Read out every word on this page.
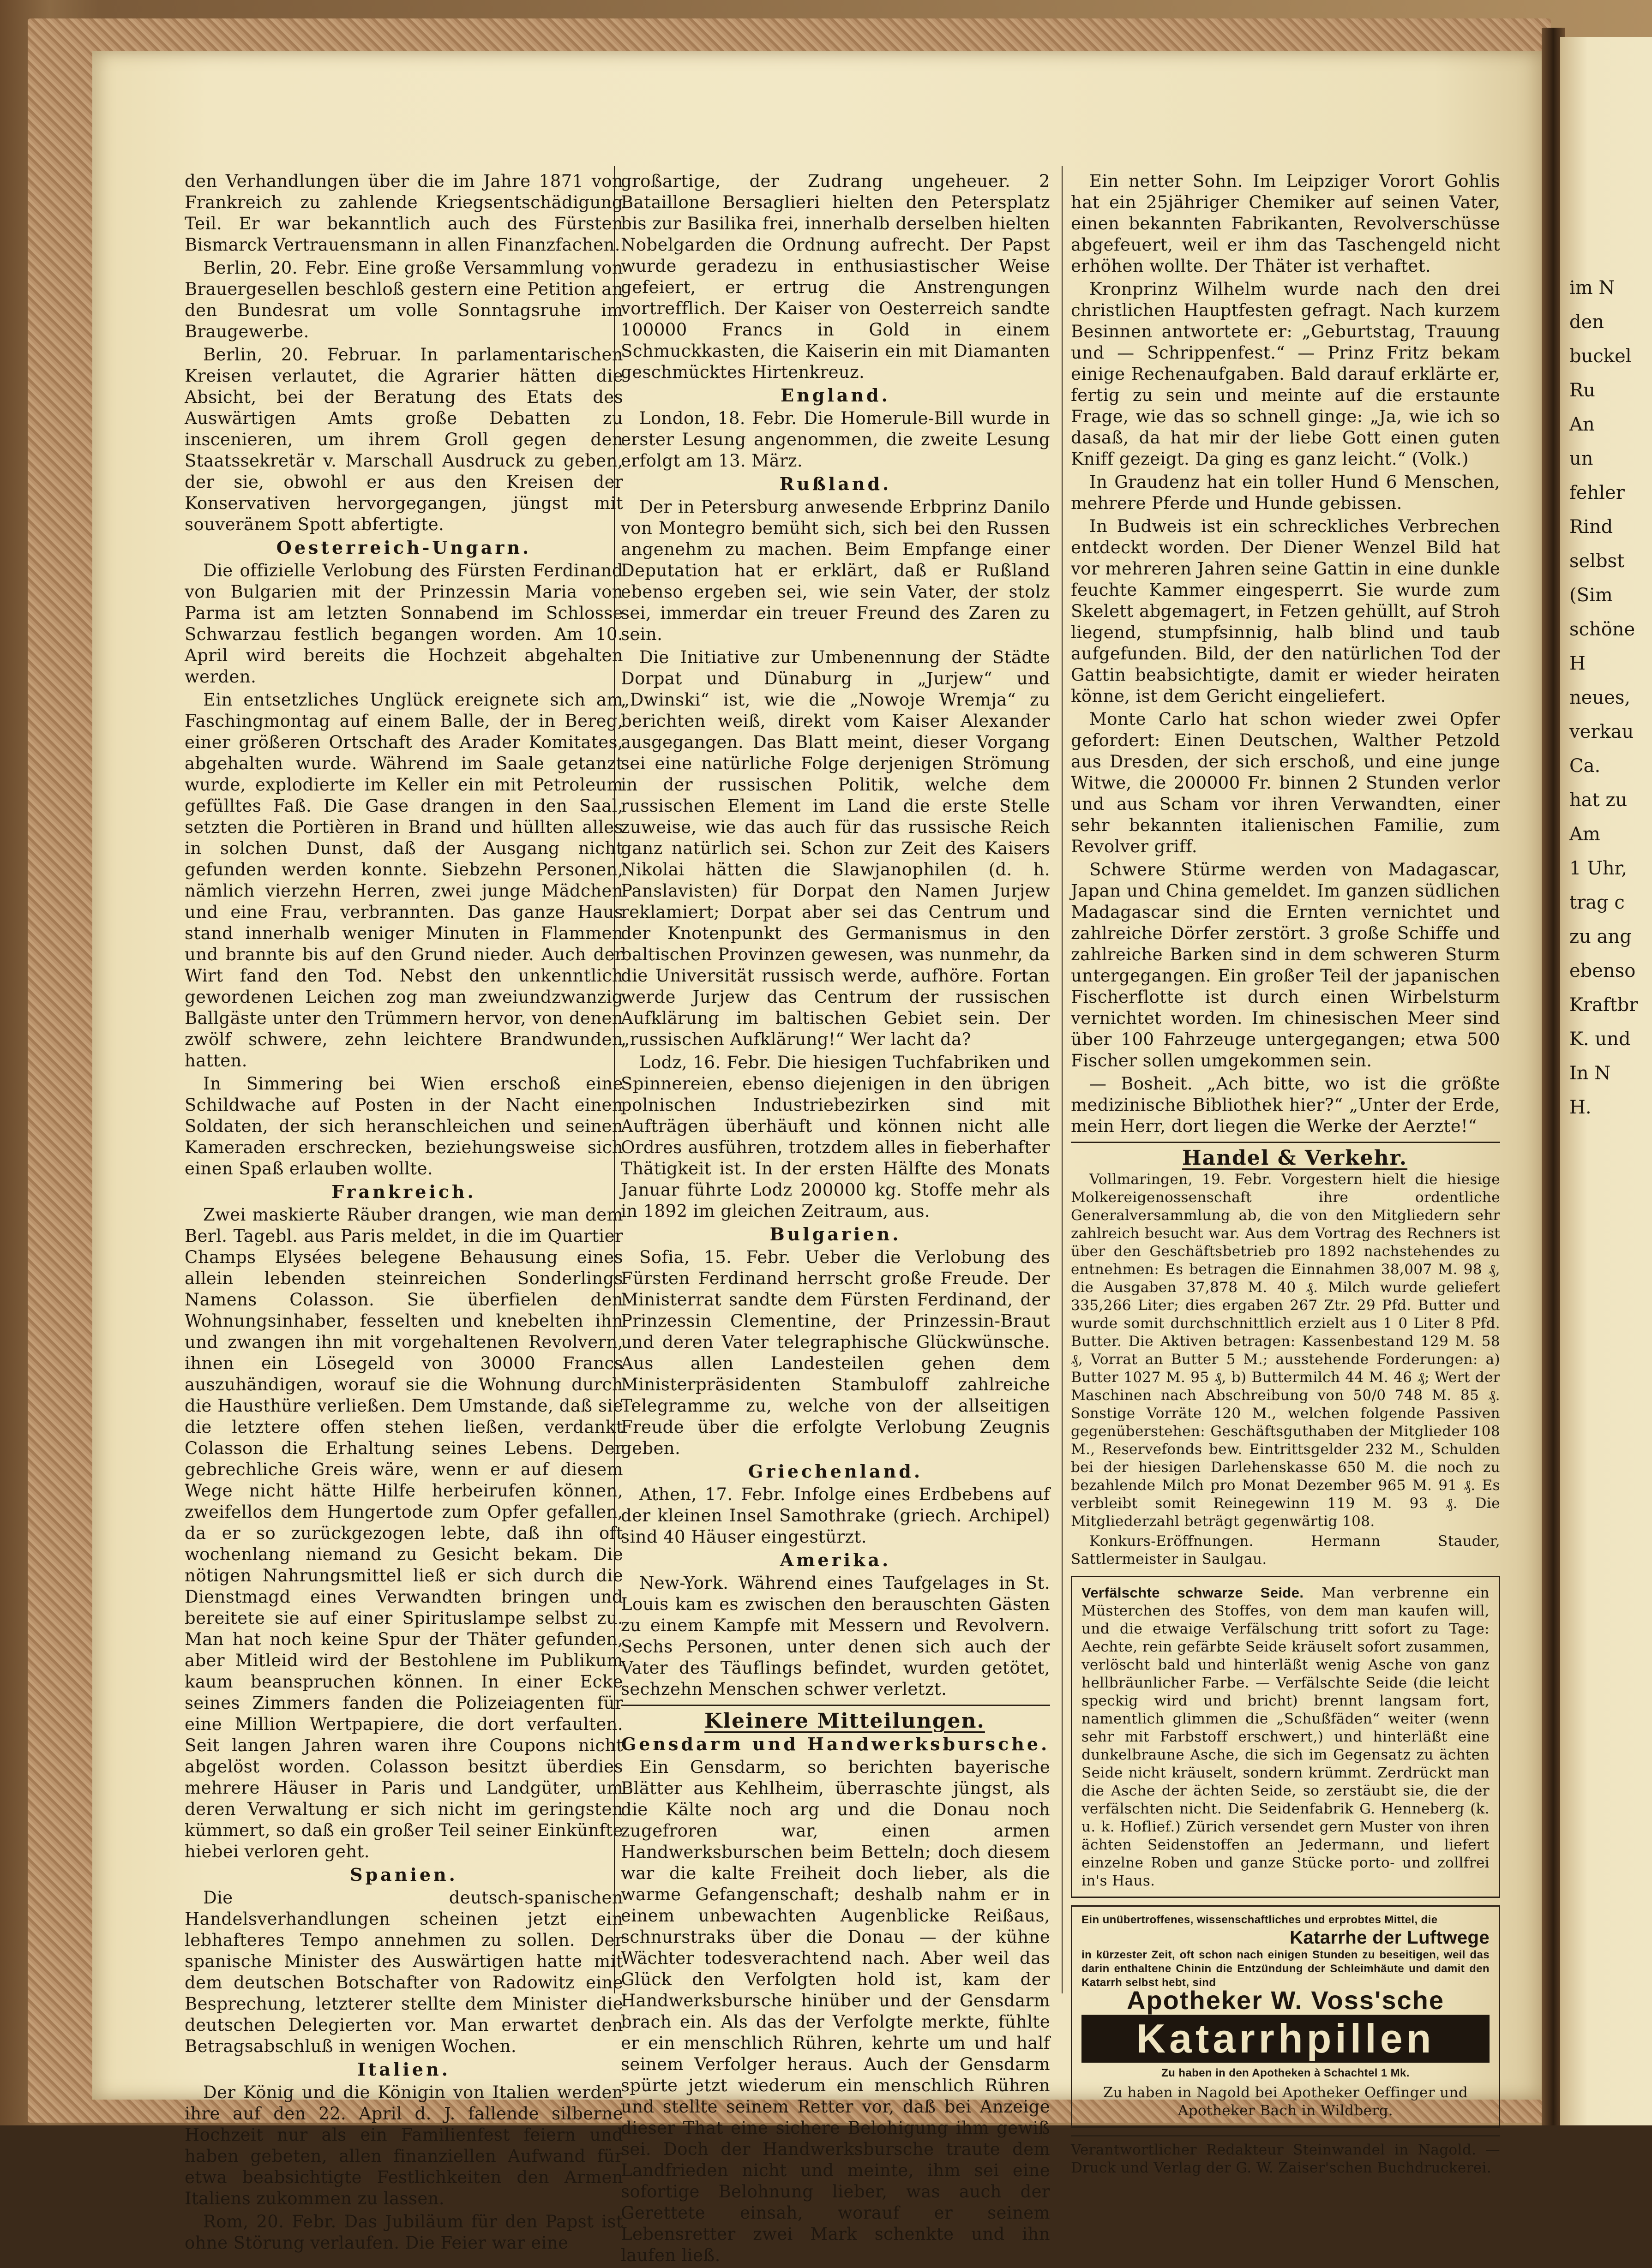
im N
den
buckel
Ru
An
un
fehler
Rind
selbst
(Sim
schöne
H
neues,
verkau
Ca.
hat zu
Am
1 Uhr,
trag c
zu ang
ebenso
Kraftbr
K. und
In N
H.

den Verhandlungen über die im Jahre 1871 von Frankreich zu zahlende Kriegsentschädigung Teil. Er war bekanntlich auch des Fürsten Bismarck Vertrauensmann in allen Finanzfachen.

Berlin, 20. Febr. Eine große Versammlung von Brauergesellen beschloß gestern eine Petition an den Bundesrat um volle Sonntagsruhe im Braugewerbe.

Berlin, 20. Februar. In parlamentarischen Kreisen verlautet, die Agrarier hätten die Absicht, bei der Beratung des Etats des Auswärtigen Amts große Debatten zu inscenieren, um ihrem Groll gegen den Staatssekretär v. Marschall Ausdruck zu geben, der sie, obwohl er aus den Kreisen der Konservativen hervorgegangen, jüngst mit souveränem Spott abfertigte.

Oesterreich-Ungarn.

Die offizielle Verlobung des Fürsten Ferdinand von Bulgarien mit der Prinzessin Maria von Parma ist am letzten Sonnabend im Schlosse Schwarzau festlich begangen worden. Am 10. April wird bereits die Hochzeit abgehalten werden.

Ein entsetzliches Unglück ereignete sich am Faschingmontag auf einem Balle, der in Bereg, einer größeren Ortschaft des Arader Komitates, abgehalten wurde. Während im Saale getanzt wurde, explodierte im Keller ein mit Petroleum gefülltes Faß. Die Gase drangen in den Saal, setzten die Portièren in Brand und hüllten alles in solchen Dunst, daß der Ausgang nicht gefunden werden konnte. Siebzehn Personen, nämlich vierzehn Herren, zwei junge Mädchen und eine Frau, verbrannten. Das ganze Haus stand innerhalb weniger Minuten in Flammen und brannte bis auf den Grund nieder. Auch der Wirt fand den Tod. Nebst den unkenntlich gewordenen Leichen zog man zweiundzwanzig Ballgäste unter den Trümmern hervor, von denen zwölf schwere, zehn leichtere Brandwunden hatten.

In Simmering bei Wien erschoß eine Schildwache auf Posten in der Nacht einen Soldaten, der sich heranschleichen und seinen Kameraden erschrecken, beziehungsweise sich einen Spaß erlauben wollte.

Frankreich.

Zwei maskierte Räuber drangen, wie man dem Berl. Tagebl. aus Paris meldet, in die im Quartier Champs Elysées belegene Behausung eines allein lebenden steinreichen Sonderlings Namens Colasson. Sie überfielen den Wohnungsinhaber, fesselten und knebelten ihn und zwangen ihn mit vorgehaltenen Revolvern, ihnen ein Lösegeld von 30000 Francs auszuhändigen, worauf sie die Wohnung durch die Hausthüre verließen. Dem Umstande, daß sie die letztere offen stehen ließen, verdankt Colasson die Erhaltung seines Lebens. Der gebrechliche Greis wäre, wenn er auf diesem Wege nicht hätte Hilfe herbeirufen können, zweifellos dem Hungertode zum Opfer gefallen, da er so zurückgezogen lebte, daß ihn oft wochenlang niemand zu Gesicht bekam. Die nötigen Nahrungsmittel ließ er sich durch die Dienstmagd eines Verwandten bringen und bereitete sie auf einer Spirituslampe selbst zu. Man hat noch keine Spur der Thäter gefunden, aber Mitleid wird der Bestohlene im Publikum kaum beanspruchen können. In einer Ecke seines Zimmers fanden die Polizeiagenten für eine Million Wertpapiere, die dort verfaulten. Seit langen Jahren waren ihre Coupons nicht abgelöst worden. Colasson besitzt überdies mehrere Häuser in Paris und Landgüter, um deren Verwaltung er sich nicht im geringsten kümmert, so daß ein großer Teil seiner Einkünfte hiebei verloren geht.

Spanien.

Die deutsch-spanischen Handelsverhandlungen scheinen jetzt ein lebhafteres Tempo annehmen zu sollen. Der spanische Minister des Auswärtigen hatte mit dem deutschen Botschafter von Radowitz eine Besprechung, letzterer stellte dem Minister die deutschen Delegierten vor. Man erwartet den Betragsabschluß in wenigen Wochen.

Italien.

Der König und die Königin von Italien werden ihre auf den 22. April d. J. fallende silberne Hochzeit nur als ein Familienfest feiern und haben gebeten, allen finanziellen Aufwand für etwa beabsichtigte Festlichkeiten den Armen Italiens zukommen zu lassen.

Rom, 20. Febr. Das Jubiläum für den Papst ist ohne Störung verlaufen. Die Feier war eine

großartige, der Zudrang ungeheuer. 2 Bataillone Bersaglieri hielten den Petersplatz bis zur Basilika frei, innerhalb derselben hielten Nobelgarden die Ordnung aufrecht. Der Papst wurde geradezu in enthusiastischer Weise gefeiert, er ertrug die Anstrengungen vortrefflich. Der Kaiser von Oesterreich sandte 100000 Francs in Gold in einem Schmuckkasten, die Kaiserin ein mit Diamanten geschmücktes Hirtenkreuz.

England.

London, 18. Febr. Die Homerule-Bill wurde in erster Lesung angenommen, die zweite Lesung erfolgt am 13. März.

Rußland.

Der in Petersburg anwesende Erbprinz Danilo von Montegro bemüht sich, sich bei den Russen angenehm zu machen. Beim Empfange einer Deputation hat er erklärt, daß er Rußland ebenso ergeben sei, wie sein Vater, der stolz sei, immerdar ein treuer Freund des Zaren zu sein.

Die Initiative zur Umbenennung der Städte Dorpat und Dünaburg in „Jurjew“ und „Dwinski“ ist, wie die „Nowoje Wremja“ zu berichten weiß, direkt vom Kaiser Alexander ausgegangen. Das Blatt meint, dieser Vorgang sei eine natürliche Folge derjenigen Strömung in der russischen Politik, welche dem russischen Element im Land die erste Stelle zuweise, wie das auch für das russische Reich ganz natürlich sei. Schon zur Zeit des Kaisers Nikolai hätten die Slawjanophilen (d. h. Panslavisten) für Dorpat den Namen Jurjew reklamiert; Dorpat aber sei das Centrum und der Knotenpunkt des Germanismus in den baltischen Provinzen gewesen, was nunmehr, da die Universität russisch werde, aufhöre. Fortan werde Jurjew das Centrum der russischen Aufklärung im baltischen Gebiet sein. Der „russischen Aufklärung!“ Wer lacht da?

Lodz, 16. Febr. Die hiesigen Tuchfabriken und Spinnereien, ebenso diejenigen in den übrigen polnischen Industriebezirken sind mit Aufträgen überhäuft und können nicht alle Ordres ausführen, trotzdem alles in fieberhafter Thätigkeit ist. In der ersten Hälfte des Monats Januar führte Lodz 200000 kg. Stoffe mehr als in 1892 im gleichen Zeitraum, aus.

Bulgarien.

Sofia, 15. Febr. Ueber die Verlobung des Fürsten Ferdinand herrscht große Freude. Der Ministerrat sandte dem Fürsten Ferdinand, der Prinzessin Clementine, der Prinzessin-Braut und deren Vater telegraphische Glückwünsche. Aus allen Landesteilen gehen dem Ministerpräsidenten Stambuloff zahlreiche Telegramme zu, welche von der allseitigen Freude über die erfolgte Verlobung Zeugnis geben.

Griechenland.

Athen, 17. Febr. Infolge eines Erdbebens auf der kleinen Insel Samothrake (griech. Archipel) sind 40 Häuser eingestürzt.

Amerika.

New-York. Während eines Taufgelages in St. Louis kam es zwischen den berauschten Gästen zu einem Kampfe mit Messern und Revolvern. Sechs Personen, unter denen sich auch der Vater des Täuflings befindet, wurden getötet, sechzehn Menschen schwer verletzt.

Kleinere Mitteilungen.

Gensdarm und Handwerksbursche.

Ein Gensdarm, so berichten bayerische Blätter aus Kehlheim, überraschte jüngst, als die Kälte noch arg und die Donau noch zugefroren war, einen armen Handwerksburschen beim Betteln; doch diesem war die kalte Freiheit doch lieber, als die warme Gefangenschaft; deshalb nahm er in einem unbewachten Augenblicke Reißaus, schnurstraks über die Donau — der kühne Wächter todesverachtend nach. Aber weil das Glück den Verfolgten hold ist, kam der Handwerksbursche hinüber und der Gensdarm brach ein. Als das der Verfolgte merkte, fühlte er ein menschlich Rühren, kehrte um und half seinem Verfolger heraus. Auch der Gensdarm spürte jetzt wiederum ein menschlich Rühren und stellte seinem Retter vor, daß bei Anzeige dieser That eine sichere Belohigung ihm gewiß sei. Doch der Handwerksbursche traute dem Landfrieden nicht und meinte, ihm sei eine sofortige Belohnung lieber, was auch der Gerettete einsah, worauf er seinem Lebensretter zwei Mark schenkte und ihn laufen ließ.

Ein netter Sohn. Im Leipziger Vorort Gohlis hat ein 25jähriger Chemiker auf seinen Vater, einen bekannten Fabrikanten, Revolverschüsse abgefeuert, weil er ihm das Taschengeld nicht erhöhen wollte. Der Thäter ist verhaftet.

Kronprinz Wilhelm wurde nach den drei christlichen Hauptfesten gefragt. Nach kurzem Besinnen antwortete er: „Geburtstag, Trauung und — Schrippenfest.“ — Prinz Fritz bekam einige Rechenaufgaben. Bald darauf erklärte er, fertig zu sein und meinte auf die erstaunte Frage, wie das so schnell ginge: „Ja, wie ich so dasaß, da hat mir der liebe Gott einen guten Kniff gezeigt. Da ging es ganz leicht.“ (Volk.)

In Graudenz hat ein toller Hund 6 Menschen, mehrere Pferde und Hunde gebissen.

In Budweis ist ein schreckliches Verbrechen entdeckt worden. Der Diener Wenzel Bild hat vor mehreren Jahren seine Gattin in eine dunkle feuchte Kammer eingesperrt. Sie wurde zum Skelett abgemagert, in Fetzen gehüllt, auf Stroh liegend, stumpfsinnig, halb blind und taub aufgefunden. Bild, der den natürlichen Tod der Gattin beabsichtigte, damit er wieder heiraten könne, ist dem Gericht eingeliefert.

Monte Carlo hat schon wieder zwei Opfer gefordert: Einen Deutschen, Walther Petzold aus Dresden, der sich erschoß, und eine junge Witwe, die 200000 Fr. binnen 2 Stunden verlor und aus Scham vor ihren Verwandten, einer sehr bekannten italienischen Familie, zum Revolver griff.

Schwere Stürme werden von Madagascar, Japan und China gemeldet. Im ganzen südlichen Madagascar sind die Ernten vernichtet und zahlreiche Dörfer zerstört. 3 große Schiffe und zahlreiche Barken sind in dem schweren Sturm untergegangen. Ein großer Teil der japanischen Fischerflotte ist durch einen Wirbelsturm vernichtet worden. Im chinesischen Meer sind über 100 Fahrzeuge untergegangen; etwa 500 Fischer sollen umgekommen sein.

— Bosheit. „Ach bitte, wo ist die größte medizinische Bibliothek hier?“ „Unter der Erde, mein Herr, dort liegen die Werke der Aerzte!“

Handel & Verkehr.

Vollmaringen, 19. Febr. Vorgestern hielt die hiesige Molkereigenossenschaft ihre ordentliche Generalversammlung ab, die von den Mitgliedern sehr zahlreich besucht war. Aus dem Vortrag des Rechners ist über den Geschäftsbetrieb pro 1892 nachstehendes zu entnehmen: Es betragen die Einnahmen 38,007 M. 98 ₰, die Ausgaben 37,878 M. 40 ₰. Milch wurde geliefert 335,266 Liter; dies ergaben 267 Ztr. 29 Pfd. Butter und wurde somit durchschnittlich erzielt aus 1 0 Liter 8 Pfd. Butter. Die Aktiven betragen: Kassenbestand 129 M. 58 ₰, Vorrat an Butter 5 M.; ausstehende Forderungen: a) Butter 1027 M. 95 ₰, b) Buttermilch 44 M. 46 ₰; Wert der Maschinen nach Abschreibung von 50/0 748 M. 85 ₰. Sonstige Vorräte 120 M., welchen folgende Passiven gegenüberstehen: Geschäftsguthaben der Mitglieder 108 M., Reservefonds bew. Eintrittsgelder 232 M., Schulden bei der hiesigen Darlehenskasse 650 M. die noch zu bezahlende Milch pro Monat Dezember 965 M. 91 ₰. Es verbleibt somit Reinegewinn 119 M. 93 ₰. Die Mitgliederzahl beträgt gegenwärtig 108.

Konkurs-Eröffnungen. Hermann Stauder, Sattlermeister in Saulgau.

Verfälschte schwarze Seide. Man verbrenne ein Müsterchen des Stoffes, von dem man kaufen will, und die etwaige Verfälschung tritt sofort zu Tage: Aechte, rein gefärbte Seide kräuselt sofort zusammen, verlöscht bald und hinterläßt wenig Asche von ganz hellbräunlicher Farbe. — Verfälschte Seide (die leicht speckig wird und bricht) brennt langsam fort, namentlich glimmen die „Schußfäden“ weiter (wenn sehr mit Farbstoff erschwert,) und hinterläßt eine dunkelbraune Asche, die sich im Gegensatz zu ächten Seide nicht kräuselt, sondern krümmt. Zerdrückt man die Asche der ächten Seide, so zerstäubt sie, die der verfälschten nicht. Die Seidenfabrik G. Henneberg (k. u. k. Hoflief.) Zürich versendet gern Muster von ihren ächten Seidenstoffen an Jedermann, und liefert einzelne Roben und ganze Stücke porto- und zollfrei in's Haus.
Ein unübertroffenes, wissenschaftliches und erprobtes Mittel, die
Katarrhe der Luftwege
in kürzester Zeit, oft schon nach einigen Stunden zu beseitigen, weil das darin enthaltene Chinin die Entzündung der Schleimhäute und damit den Katarrh selbst hebt, sind
Apotheker W. Voss'sche
Katarrhpillen
Zu haben in den Apotheken à Schachtel 1 Mk.
Zu haben in Nagold bei Apotheker Oeffinger und Apotheker Bach in Wildberg.

Verantwortlicher Redakteur Steinwandel in Nagold. — Druck und Verlag der G. W. Zaiser'schen Buchdruckerei.
